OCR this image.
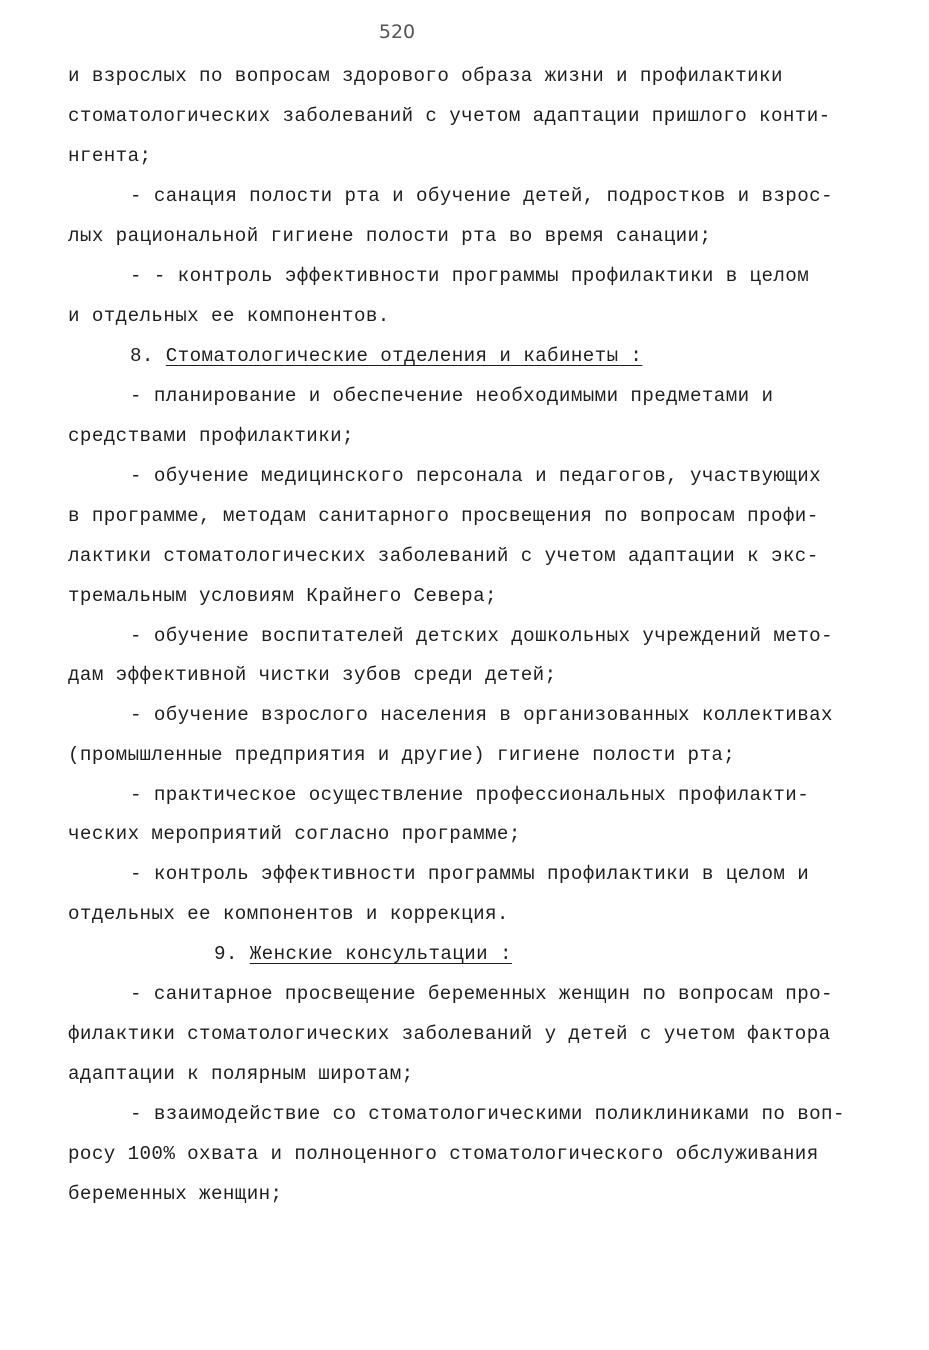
520
и взрослых по вопросам здорового образа жизни и профилактики
стоматологических заболеваний с учетом адаптации пришлого конти-
нгента;
- санация полости рта и обучение детей, подростков и взрос-
лых рациональной гигиене полости рта во время санации;
- - контроль эффективности программы профилактики в целом
и отдельных ее компонентов.
8. Стоматологические отделения и кабинеты :
- планирование и обеспечение необходимыми предметами и
средствами профилактики;
- обучение медицинского персонала и педагогов, участвующих
в программе, методам санитарного просвещения по вопросам профи-
лактики стоматологических заболеваний с учетом адаптации к экс-
тремальным условиям Крайнего Севера;
- обучение воспитателей детских дошкольных учреждений мето-
дам эффективной чистки зубов среди детей;
- обучение взрослого населения в организованных коллективах
(промышленные предприятия и другие) гигиене полости рта;
- практическое осуществление профессиональных профилакти-
ческих мероприятий согласно программе;
- контроль эффективности программы профилактики в целом и
отдельных ее компонентов и коррекция.
9. Женские консультации :
- санитарное просвещение беременных женщин по вопросам про-
филактики стоматологических заболеваний у детей с учетом фактора
адаптации к полярным широтам;
- взаимодействие со стоматологическими поликлиниками по воп-
росу 100% охвата и полноценного стоматологического обслуживания
беременных женщин;
